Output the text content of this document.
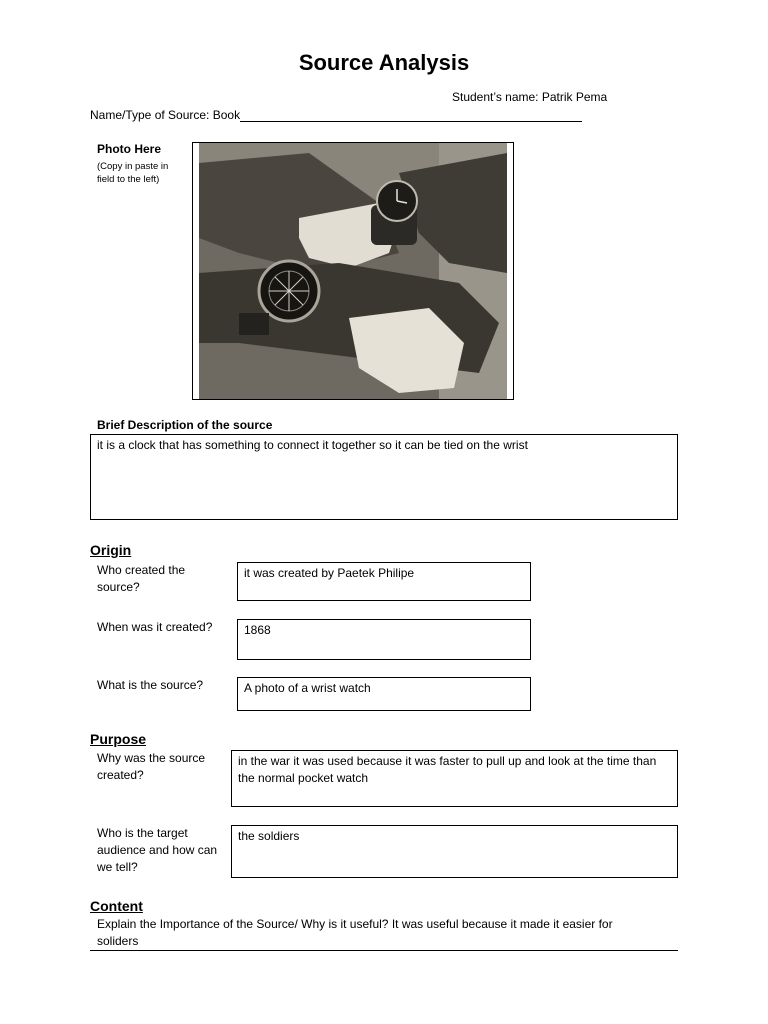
Source Analysis
Student’s name: Patrik Pema
Name/Type of Source: Book
Photo Here
(Copy in paste in field to the left)
Brief Description of the source
it is a clock that has something to connect it together so it can be tied on the wrist
Origin
Who created the source?
it was created by Paetek Philipe
When was it created?	1868
What is the source?	A photo of a wrist watch
Purpose
Why was the source created?
in the war it was used because it was faster to pull up and look at the time than the normal pocket watch
Who is the target audience and how can we tell?
the soldiers
Content
Explain the Importance of the Source/ Why is it useful? It was useful because it made it easier for soliders
